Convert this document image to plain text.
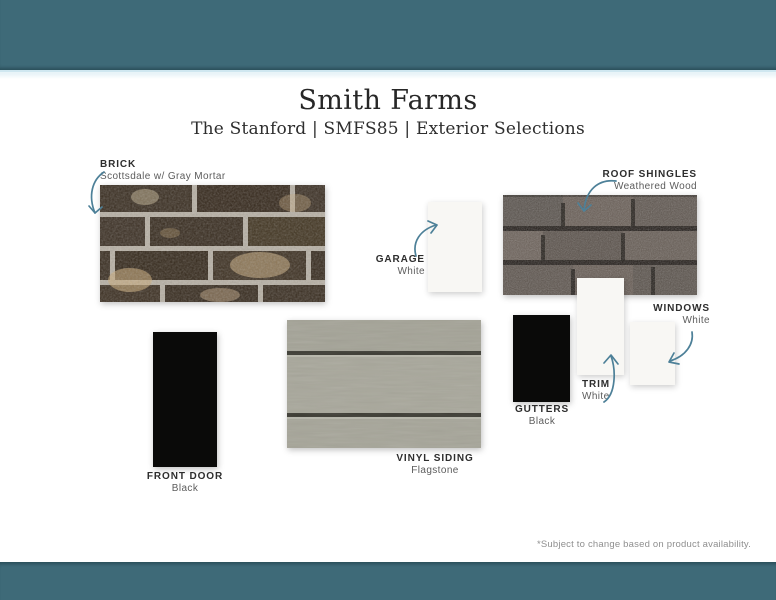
Smith Farms
The Stanford | SMFS85 | Exterior Selections
BRICK
Scottsdale w/ Gray Mortar
GARAGE
White
ROOF SHINGLES
Weathered Wood
VINYL SIDING
Flagstone
GUTTERS
Black
TRIM
White
WINDOWS
White
FRONT DOOR
Black
*Subject to change based on product availability.
